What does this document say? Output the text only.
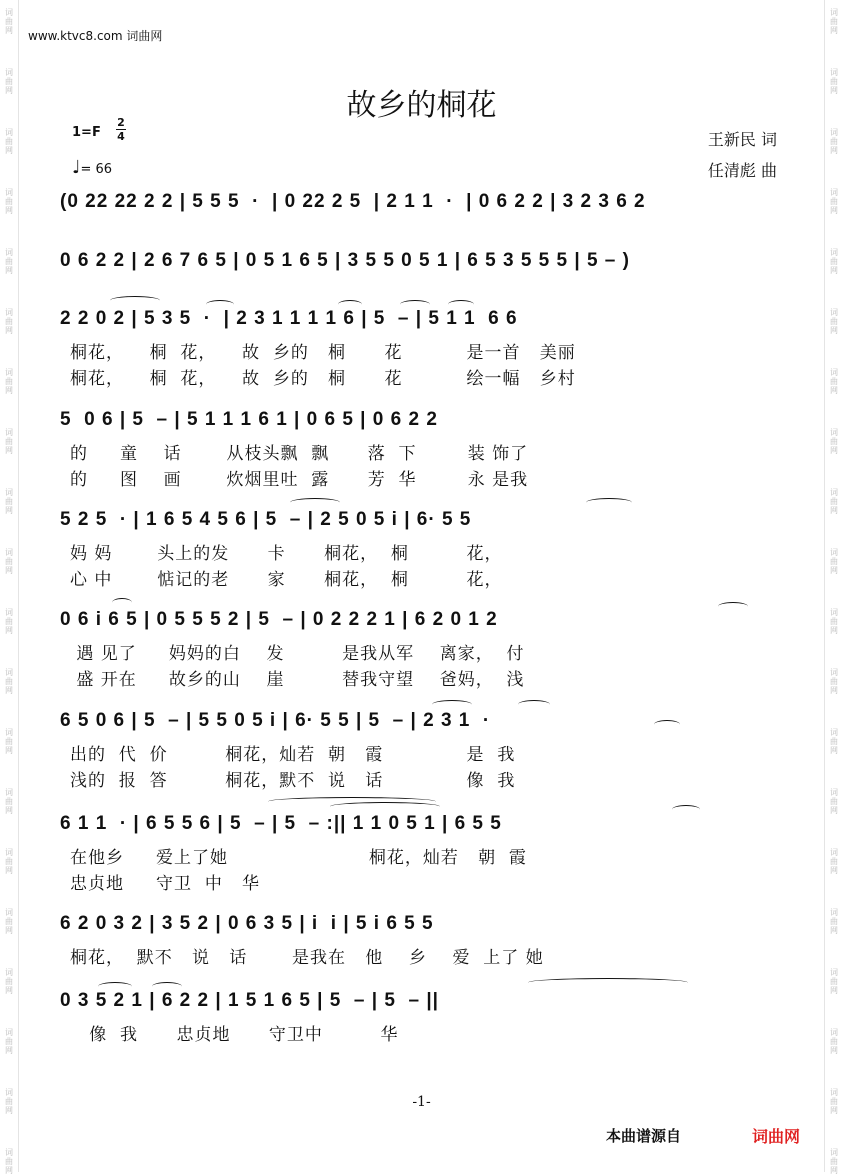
词
曲
网
词
曲
网
词
曲
网
词
曲
网
词
曲
网
词
曲
网
词
曲
网
词
曲
网
词
曲
网
词
曲
网
词
曲
网
词
曲
网
词
曲
网
词
曲
网
词
曲
网
词
曲
网
词
曲
网
词
曲
网
词
曲
网
词
曲
网
词
曲
网
词
曲
网
词
曲
网
词
曲
网
词
曲
网
词
曲
网
词
曲
网
词
曲
网
词
曲
网
词
曲
网
词
曲
网
词
曲
网
词
曲
网
词
曲
网
词
曲
网
词
曲
网
词
曲
网
词
曲
网
词
曲
网
词
曲
网
www.ktvc8.com 词曲网
故乡的桐花
1=F
2
4
♩= 66
王新民 词
任清彪 曲
(0 22 22 2 2 | 5 5 5  ·  | 0 22 2 5  | 2 1 1  ·  | 0 6 2 2 | 3 2 3 6 2
0 6 2 2 | 2 6 7 6 5 | 0 5 1 6 5 | 3 5 5 0 5 1 | 6 5 3 5 5 5 | 5 – )
2 2 0 2 | 5 3 5  ·  | 2 3 1 1 1 1 6 | 5  – | 5 1 1  6 6
桐花，    桐  花，    故  乡的   桐      花          是一首   美丽
桐花，    桐  花，    故  乡的   桐      花          绘一幅   乡村
5  0 6 | 5  – | 5 1 1 1 6 1 | 0 6 5 | 0 6 2 2
的     童    话       从枝头飘  飘      落  下        装 饰了
的     图    画       炊烟里吐  露      芳  华        永 是我
5 2 5  · | 1 6 5 4 5 6 | 5  – | 2 5 0 5 i | 6· 5 5
妈 妈       头上的发      卡      桐花，  桐         花，
心 中       惦记的老      家      桐花，  桐         花，
0 6 i 6 5 | 0 5 5 5 2 | 5  – | 0 2 2 2 1 | 6 2 0 1 2
遇 见了     妈妈的白    发         是我从军    离家，  付
盛 开在     故乡的山    崖         替我守望    爸妈，  浅
6 5 0 6 | 5  – | 5 5 0 5 i | 6· 5 5 | 5  – | 2 3 1  ·
出的  代  价         桐花，灿若  朝   霞             是  我
浅的  报  答         桐花，默不  说   话             像  我
6 1 1  · | 6 5 5 6 | 5  – | 5  – :|| 1 1 0 5 1 | 6 5 5
在他乡     爱上了她                      桐花，灿若   朝  霞
忠贞地     守卫  中   华
6 2 0 3 2 | 3 5 2 | 0 6 3 5 | i  i | 5 i 6 5 5
桐花，  默不   说   话       是我在   他    乡    爱  上了 她
0 3 5 2 1 | 6 2 2 | 1 5 1 6 5 | 5  – | 5  – ||
像  我      忠贞地      守卫中         华
-1-
本曲谱源自	词曲网
